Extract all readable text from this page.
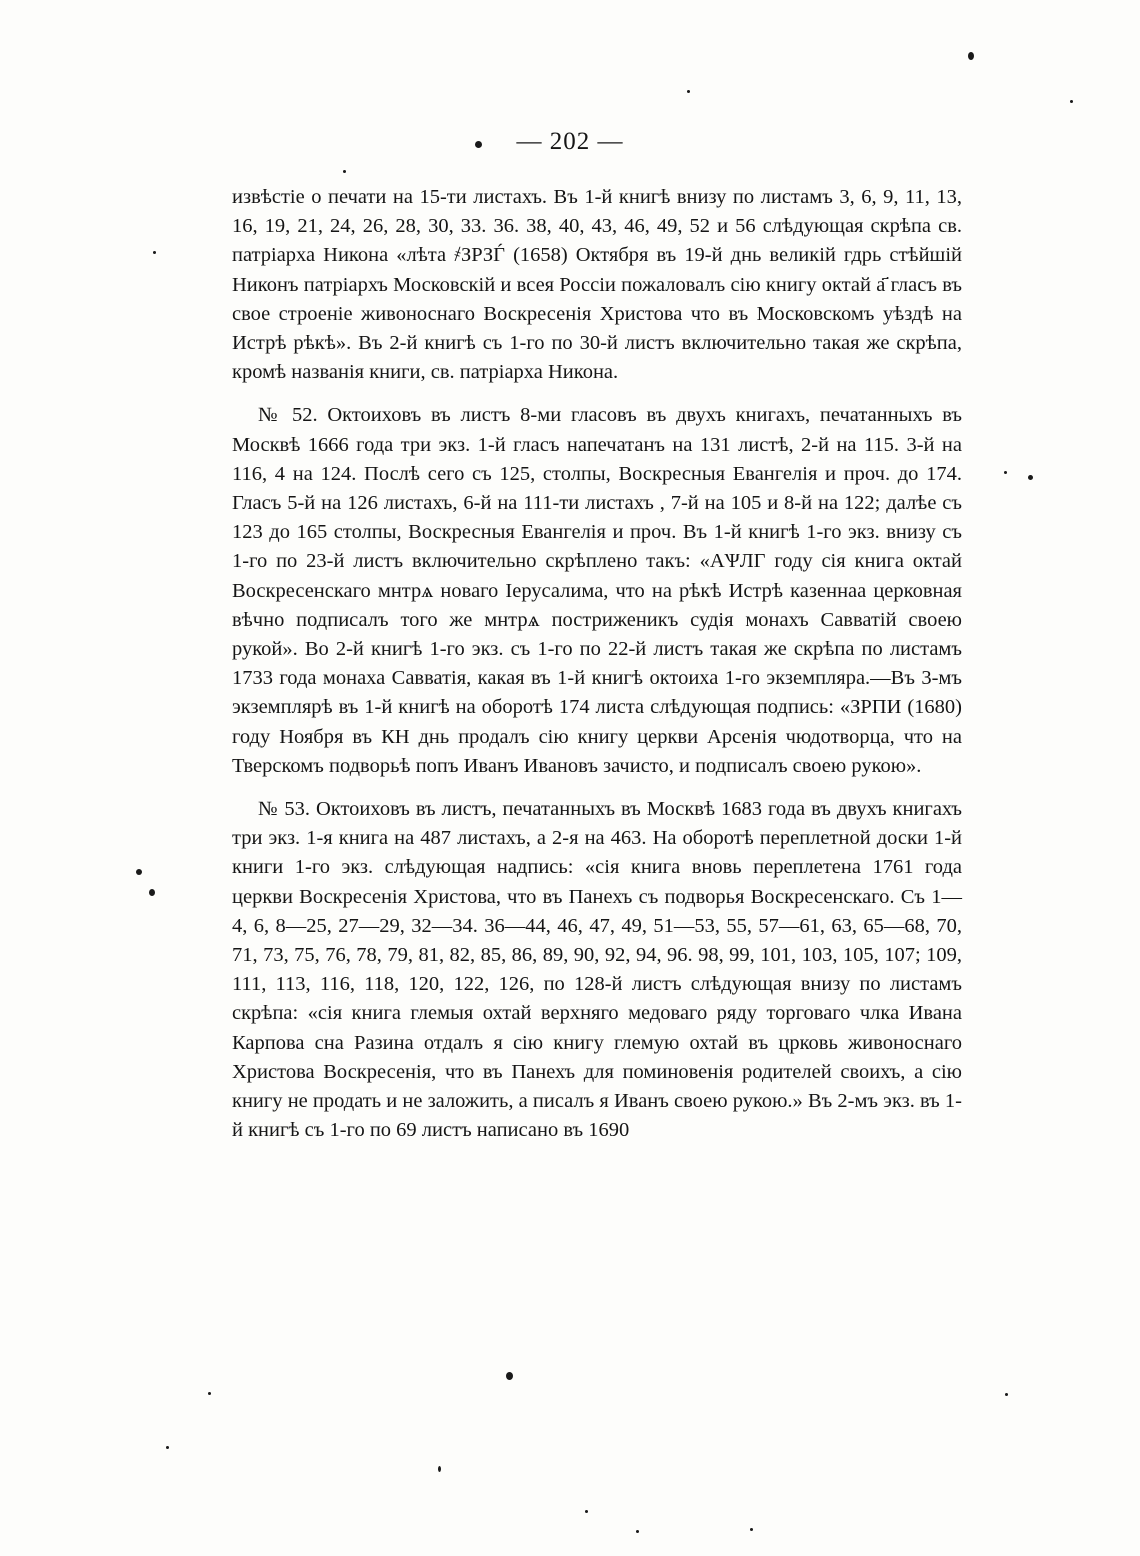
— 202 —

извѣстіе о печати на 15-ти листахъ. Въ 1-й книгѣ внизу по листамъ 3, 6, 9, 11, 13, 16, 19, 21, 24, 26, 28, 30, 33. 36. 38, 40, 43, 46, 49, 52 и 56 слѣдующая скрѣпа св. патріарха Никона «лѣта ҂ЗРЗЃ (1658) Октября въ 19-й днь великій гдрь стѣйшій Никонъ патріархъ Московскій и всея Россіи пожаловалъ сію книгу октай а҃ гласъ въ свое строеніе живоноснаго Воскресенія Христова что въ Московскомъ уѣздѣ на Истрѣ рѣкѣ». Въ 2-й книгѣ съ 1-го по 30-й листъ включительно такая же скрѣпа, кромѣ названія книги, св. патріарха Никона.

№ 52. Октоиховъ въ листъ 8-ми гласовъ въ двухъ книгахъ, печатанныхъ въ Москвѣ 1666 года три экз. 1-й гласъ напечатанъ на 131 листѣ, 2-й на 115. 3-й на 116, 4 на 124. Послѣ сего съ 125, столпы, Воскресныя Евангелія и проч. до 174. Гласъ 5-й на 126 листахъ, 6-й на 111-ти листахъ , 7-й на 105 и 8-й на 122; далѣе съ 123 до 165 столпы, Воскресныя Евангелія и проч. Въ 1-й книгѣ 1-го экз. внизу съ 1-го по 23-й листъ включительно скрѣплено такъ: «АѰЛГ году сія книга октай Воскресенскаго мнтрѧ новаго Іерусалима, что на рѣкѣ Истрѣ казеннаа церковная вѣчно подписалъ того же мнтрѧ постриженикъ судія монахъ Савватій своею рукой». Во 2-й книгѣ 1-го экз. съ 1-го по 22-й листъ такая же скрѣпа по листамъ 1733 года монаха Савватія, какая въ 1-й книгѣ октоиха 1-го экземпляра.—Въ 3-мъ экземплярѣ въ 1-й книгѣ на оборотѣ 174 листа слѣдующая подпись: «ЗРПИ (1680) году Ноября въ КН днь продалъ сію книгу церкви Арсенія чюдотворца, что на Тверскомъ подворьѣ попъ Иванъ Ивановъ зачисто, и подписалъ своею рукою».

№ 53. Октоиховъ въ листъ, печатанныхъ въ Москвѣ 1683 года въ двухъ книгахъ три экз. 1-я книга на 487 листахъ, а 2-я на 463. На оборотѣ переплетной доски 1-й книги 1-го экз. слѣдующая надпись: «сія книга вновь переплетена 1761 года церкви Воскресенія Христова, что въ Панехъ съ подворья Воскресенскаго. Съ 1—4, 6, 8—25, 27—29, 32—34. 36—44, 46, 47, 49, 51—53, 55, 57—61, 63, 65—68, 70, 71, 73, 75, 76, 78, 79, 81, 82, 85, 86, 89, 90, 92, 94, 96. 98, 99, 101, 103, 105, 107; 109, 111, 113, 116, 118, 120, 122, 126, по 128-й листъ слѣдующая внизу по листамъ скрѣпа: «сія книга глемыя охтай верхняго медоваго ряду торговаго члка Ивана Карпова сна Разина отдалъ я сію книгу глемую охтай въ црковь живоноснаго Христова Воскресенія, что въ Панехъ для поминовенія родителей своихъ, а сію книгу не продать и не заложить, а писалъ я Иванъ своею рукою.» Въ 2-мъ экз. въ 1-й книгѣ съ 1-го по 69 листъ написано въ 1690
